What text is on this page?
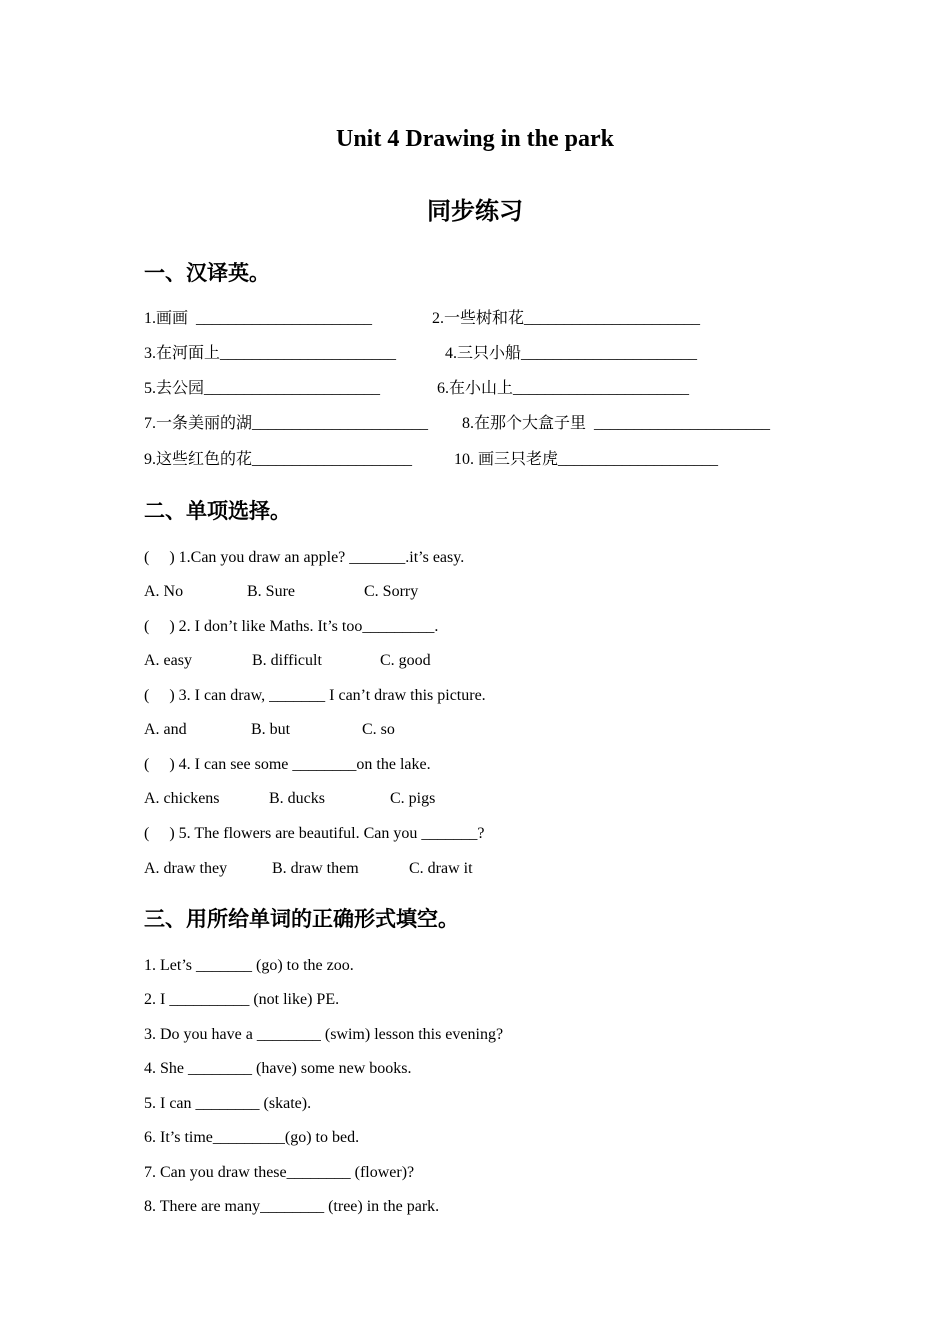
Unit 4 Drawing in the park
同步练习
一、汉译英。
1.画画  ______________________	2.一些树和花______________________
3.在河面上______________________	4.三只小船______________________
5.去公园______________________	6.在小山上______________________
7.一条美丽的湖______________________ 8.在那个大盒子里  ______________________
9.这些红色的花____________________	10. 画三只老虎____________________
二、单项选择。
(     ) 1.Can you draw an apple? _______.it’s easy.
A. No	B. Sure	C. Sorry
(     ) 2. I don’t like Maths. It’s too_________.
A. easy	B. difficult	C. good
(     ) 3. I can draw, _______ I can’t draw this picture.
A. and	B. but	C. so
(     ) 4. I can see some ________on the lake.
A. chickens	B. ducks	C. pigs
(     ) 5. The flowers are beautiful. Can you _______?
A. draw they	B. draw them	C. draw it
三、用所给单词的正确形式填空。
1. Let’s _______ (go) to the zoo.
2. I __________ (not like) PE.
3. Do you have a ________ (swim) lesson this evening?
4. She ________ (have) some new books.
5. I can ________ (skate).
6. It’s time_________(go) to bed.
7. Can you draw these________ (flower)?
8. There are many________ (tree) in the park.
